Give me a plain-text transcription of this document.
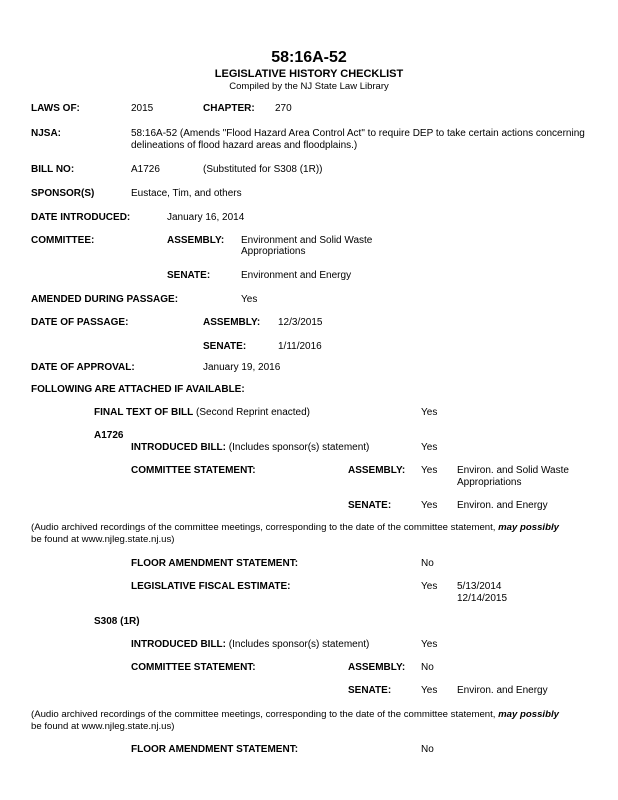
58:16A-52
LEGISLATIVE HISTORY CHECKLIST
Compiled by the NJ State Law Library
LAWS OF:	2015	CHAPTER: 270
NJSA:	58:16A-52 (Amends "Flood Hazard Area Control Act" to require DEP to take certain actions concerning
delineations of flood hazard areas and floodplains.)
BILL NO:	A1726	(Substituted for S308 (1R))
SPONSOR(S)	Eustace, Tim, and others
DATE INTRODUCED:	January 16, 2014
COMMITTEE:	ASSEMBLY: Environment and Solid Waste
Appropriations
SENATE:	Environment and Energy
AMENDED DURING PASSAGE:	Yes
DATE OF PASSAGE:	ASSEMBLY: 12/3/2015
SENATE:	1/11/2016
DATE OF APPROVAL:	January 19, 2016
FOLLOWING ARE ATTACHED IF AVAILABLE:
FINAL TEXT OF BILL (Second Reprint enacted)	Yes
A1726
INTRODUCED BILL: (Includes sponsor(s) statement)	Yes
COMMITTEE STATEMENT:	ASSEMBLY: Yes Environ. and Solid Waste
Appropriations
SENATE:	Yes Environ. and Energy
(Audio archived recordings of the committee meetings, corresponding to the date of the committee statement, may possibly
be found at www.njleg.state.nj.us)
FLOOR AMENDMENT STATEMENT:	No
LEGISLATIVE FISCAL ESTIMATE:	Yes 5/13/2014
12/14/2015
S308 (1R)
INTRODUCED BILL: (Includes sponsor(s) statement)	Yes
COMMITTEE STATEMENT:	ASSEMBLY: No
SENATE:	Yes Environ. and Energy
(Audio archived recordings of the committee meetings, corresponding to the date of the committee statement, may possibly
be found at www.njleg.state.nj.us)
FLOOR AMENDMENT STATEMENT:	No
